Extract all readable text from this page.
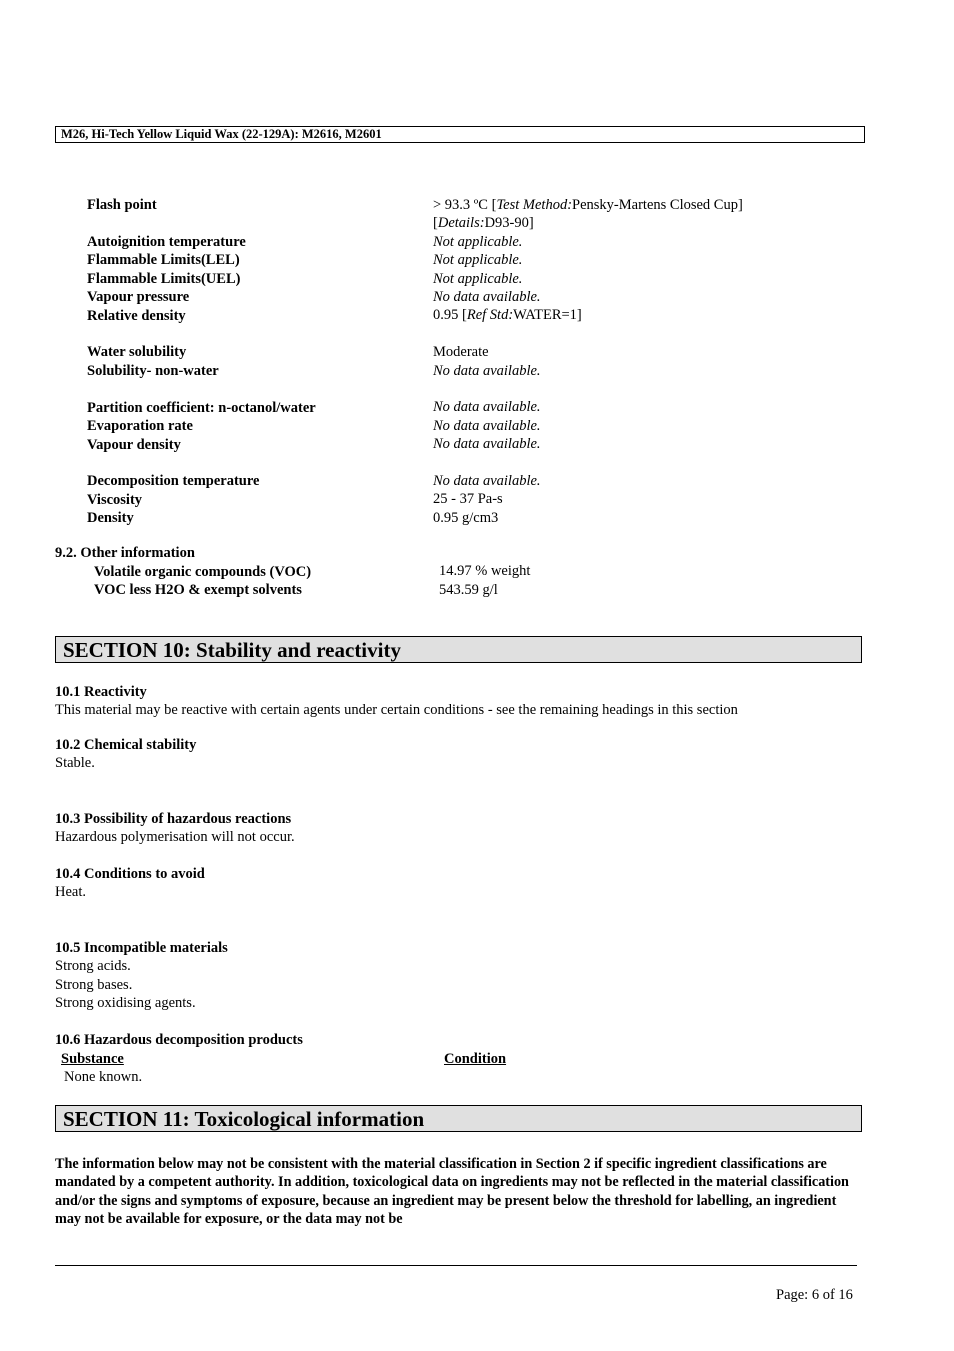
M26, Hi-Tech Yellow Liquid Wax (22-129A): M2616, M2601
Flash point	> 93.3 ºC [Test Method:Pensky-Martens Closed Cup]
[Details:D93-90]
Autoignition temperature	Not applicable.
Flammable Limits(LEL)	Not applicable.
Flammable Limits(UEL)	Not applicable.
Vapour pressure	No data available.
Relative density	0.95 [Ref Std:WATER=1]
Water solubility	Moderate
Solubility- non-water	No data available.
Partition coefficient: n-octanol/water	No data available.
Evaporation rate	No data available.
Vapour density	No data available.
Decomposition temperature	No data available.
Viscosity	25 - 37 Pa-s
Density	0.95 g/cm3
9.2. Other information
Volatile organic compounds (VOC)	14.97 % weight
VOC less H2O & exempt solvents	543.59 g/l
SECTION 10: Stability and reactivity
10.1 Reactivity
This material may be reactive with certain agents under certain conditions - see the remaining headings in this section
10.2 Chemical stability
Stable.
10.3 Possibility of hazardous reactions
Hazardous polymerisation will not occur.
10.4 Conditions to avoid
Heat.
10.5 Incompatible materials
Strong acids.
Strong bases.
Strong oxidising agents.
10.6 Hazardous decomposition products
Substance	Condition
None known.
SECTION 11: Toxicological information
The information below may not be consistent with the material classification in Section 2 if specific ingredient classifications are mandated by a competent authority. In addition, toxicological data on ingredients may not be reflected in the material classification and/or the signs and symptoms of exposure, because an ingredient may be present below the threshold for labelling, an ingredient may not be available for exposure, or the data may not be
Page: 6 of 16
